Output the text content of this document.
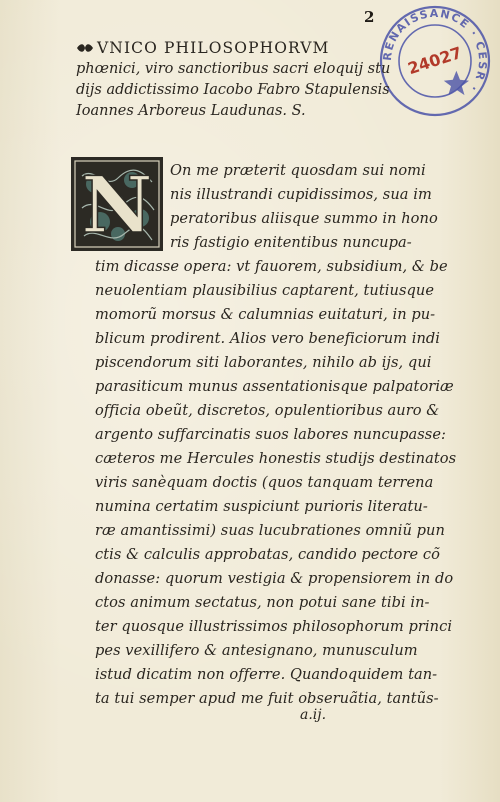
2
RENAISSANCE · CESR ·
24027
VNICO PHILOSOPHORVM
phœnici, viro sanctioribus sacri eloquij stu
dijs addictissimo Iacobo Fabro Stapulensis
Ioannes Arboreus Laudunas. S.
N On me præterit quosdam sui nomi
nis illustrandi cupidissimos, sua im
peratoribus aliisque summo in hono
ris fastigio enitentibus nuncupa-
tim dicasse opera: vt fauorem, subsidium, & be
neuolentiam plausibilius captarent, tutiusque
momorũ morsus & calumnias euitaturi, in pu-
blicum prodirent. Alios vero beneficiorum indi
piscendorum siti laborantes, nihilo ab ijs, qui
parasiticum munus assentationisque palpatoriæ
officia obeũt, discretos, opulentioribus auro &
argento suffarcinatis suos labores nuncupasse:
cæteros me Hercules honestis studijs destinatos
viris sanèquam doctis (quos tanquam terrena
numina certatim suspiciunt purioris literatu-
ræ amantissimi) suas lucubrationes omniũ pun
ctis & calculis approbatas, candido pectore cõ
donasse: quorum vestigia & propensiorem in do
ctos animum sectatus, non potui sane tibi in-
ter quosque illustrissimos philosophorum princi
pes vexillifero & antesignano, munusculum
istud dicatim non offerre. Quandoquidem tan-
ta tui semper apud me fuit obseruãtia, tantũs-
a.ij.
